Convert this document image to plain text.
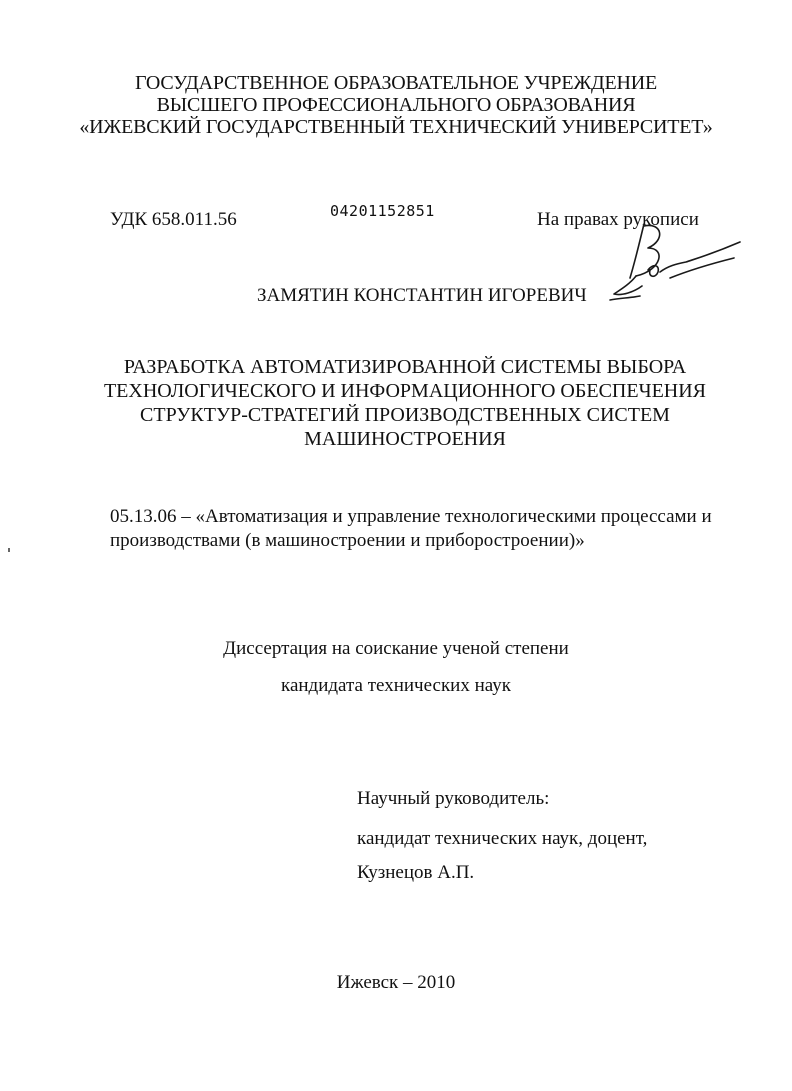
ГОСУДАРСТВЕННОЕ ОБРАЗОВАТЕЛЬНОЕ УЧРЕЖДЕНИЕ
ВЫСШЕГО ПРОФЕССИОНАЛЬНОГО ОБРАЗОВАНИЯ
«ИЖЕВСКИЙ ГОСУДАРСТВЕННЫЙ ТЕХНИЧЕСКИЙ УНИВЕРСИТЕТ»
УДК 658.011.56	04201152851	На правах рукописи
ЗАМЯТИН КОНСТАНТИН ИГОРЕВИЧ
РАЗРАБОТКА АВТОМАТИЗИРОВАННОЙ СИСТЕМЫ ВЫБОРА
ТЕХНОЛОГИЧЕСКОГО И ИНФОРМАЦИОННОГО ОБЕСПЕЧЕНИЯ
СТРУКТУР-СТРАТЕГИЙ ПРОИЗВОДСТВЕННЫХ СИСТЕМ
МАШИНОСТРОЕНИЯ
05.13.06 – «Автоматизация и управление технологическими процессами и
производствами (в машиностроении и приборостроении)»
Диссертация на соискание ученой степени
кандидата технических наук
Научный руководитель:
кандидат технических наук, доцент,
Кузнецов А.П.
Ижевск – 2010
